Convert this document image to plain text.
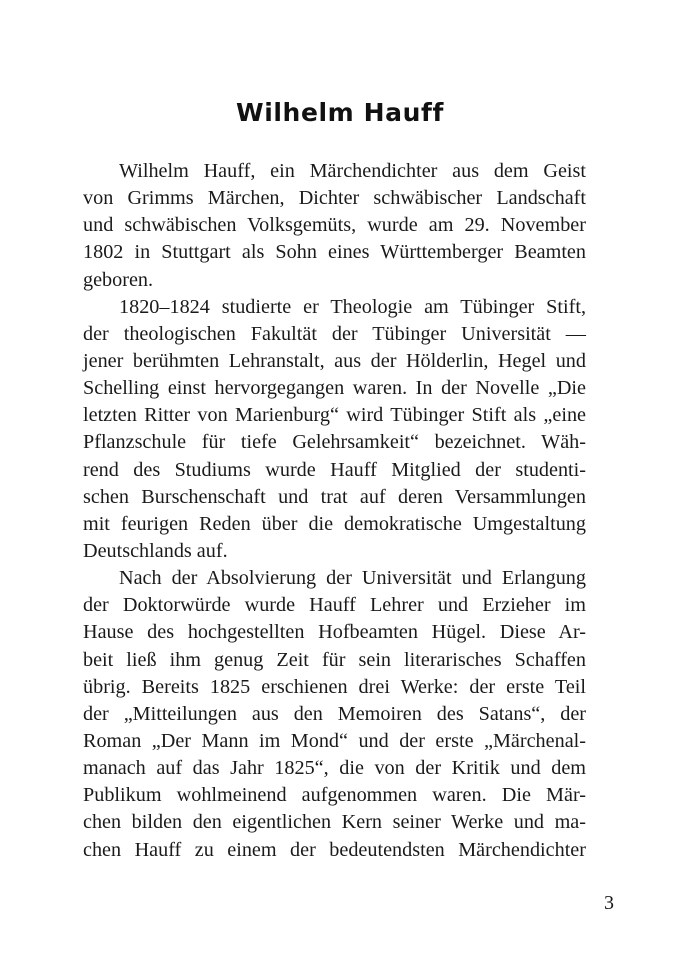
Wilhelm Hauff
Wilhelm Hauff, ein Märchendichter aus dem Geist
von Grimms Märchen, Dichter schwäbischer Landschaft
und schwäbischen Volksgemüts, wurde am 29. November
1802 in Stuttgart als Sohn eines Württemberger Beamten
geboren.
1820–1824 studierte er Theologie am Tübinger Stift,
der theologischen Fakultät der Tübinger Universität —
jener berühmten Lehranstalt, aus der Hölderlin, Hegel und
Schelling einst hervorgegangen waren. In der Novelle „Die
letzten Ritter von Marienburg“ wird Tübinger Stift als „eine
Pflanzschule für tiefe Gelehrsamkeit“ bezeichnet. Wäh-
rend des Studiums wurde Hauff Mitglied der studenti-
schen Burschenschaft und trat auf deren Versammlungen
mit feurigen Reden über die demokratische Umgestaltung
Deutschlands auf.
Nach der Absolvierung der Universität und Erlangung
der Doktorwürde wurde Hauff Lehrer und Erzieher im
Hause des hochgestellten Hofbeamten Hügel. Diese Ar-
beit ließ ihm genug Zeit für sein literarisches Schaffen
übrig. Bereits 1825 erschienen drei Werke: der erste Teil
der „Mitteilungen aus den Memoiren des Satans“, der
Roman „Der Mann im Mond“ und der erste „Märchenal-
manach auf das Jahr 1825“, die von der Kritik und dem
Publikum wohlmeinend aufgenommen waren. Die Mär-
chen bilden den eigentlichen Kern seiner Werke und ma-
chen Hauff zu einem der bedeutendsten Märchendichter
3
